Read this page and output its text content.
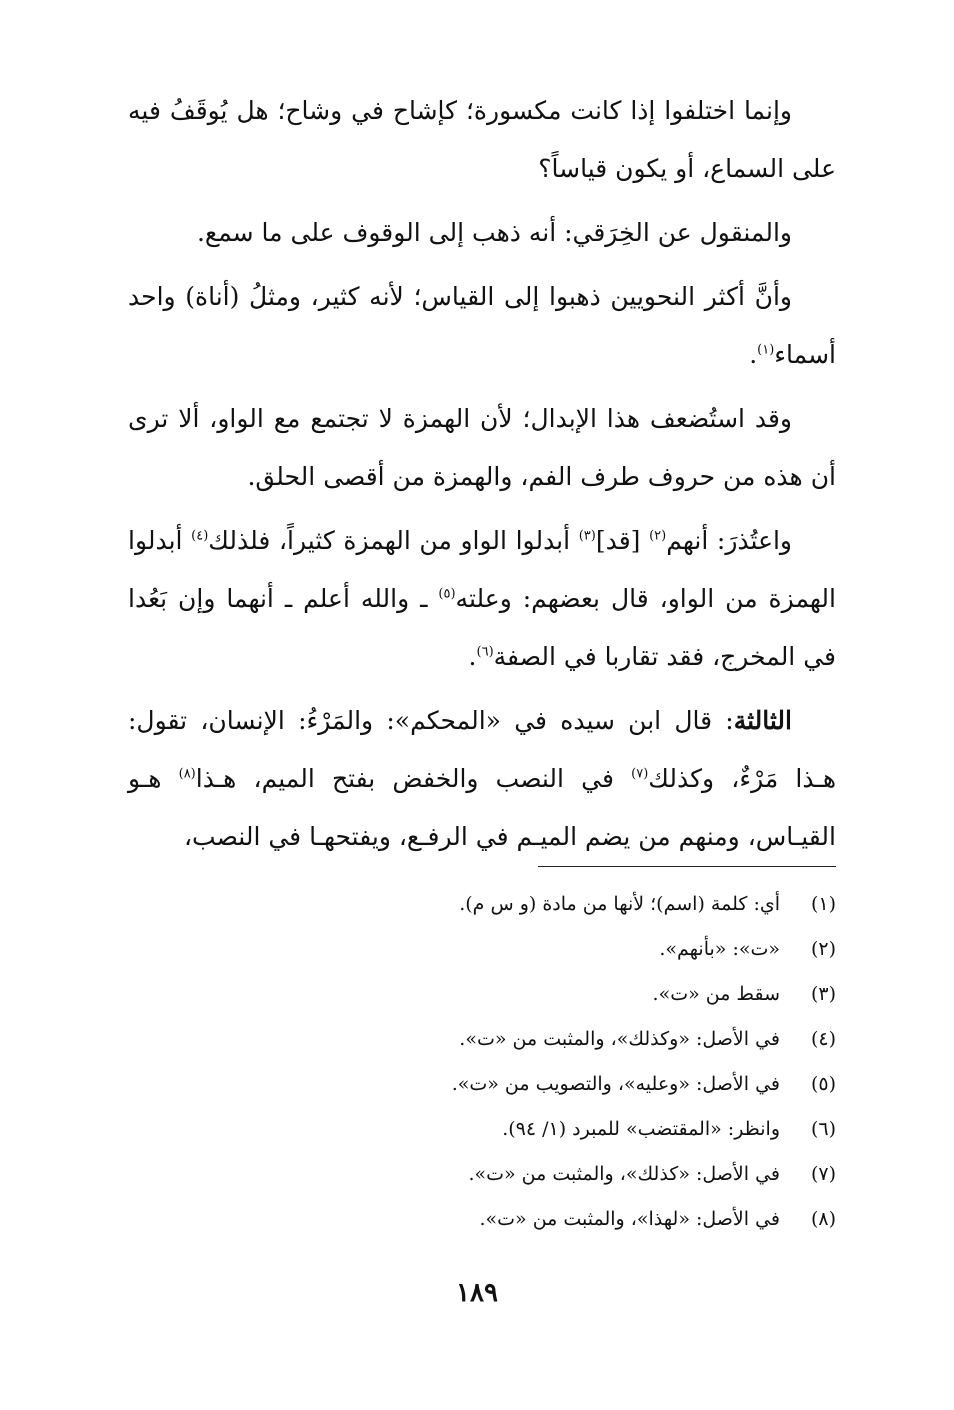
وإنما اختلفوا إذا كانت مكسورة؛ كإشاح في وشاح؛ هل يُوقَفُ فيه على السماع، أو يكون قياساً؟

والمنقول عن الخِرَقي: أنه ذهب إلى الوقوف على ما سمع.

وأنَّ أكثر النحويين ذهبوا إلى القياس؛ لأنه كثير، ومثلُ (أناة) واحد أسماء$^{(١)}$.

وقد استُضعف هذا الإبدال؛ لأن الهمزة لا تجتمع مع الواو، ألا ترى أن هذه من حروف طرف الفم، والهمزة من أقصى الحلق.

واعتُذرَ: أنهم$^{(٢)}$ [قد]$^{(٣)}$ أبدلوا الواو من الهمزة كثيراً، فلذلك$^{(٤)}$ أبدلوا الهمزة من الواو، قال بعضهم: وعلته$^{(٥)}$ ـ والله أعلم ـ أنهما وإن بَعُدا في المخرج، فقد تقاربا في الصفة$^{(٦)}$.

الثالثة: قال ابن سيده في «المحكم»: والمَرْءُ: الإنسان، تقول: هـذا مَرْءٌ، وكذلك$^{(٧)}$ في النصب والخفض بفتح الميم، هـذا$^{(٨)}$ هـو القيـاس، ومنهم من يضم الميـم في الرفـع، ويفتحهـا في النصب،

(١)
أي: كلمة (اسم)؛ لأنها من مادة (و س م).
(٢)
«ت»: «بأنهم».
(٣)
سقط من «ت».
(٤)
في الأصل: «وكذلك»، والمثبت من «ت».
(٥)
في الأصل: «وعليه»، والتصويب من «ت».
(٦)
وانظر: «المقتضب» للمبرد (١/ ٩٤).
(٧)
في الأصل: «كذلك»، والمثبت من «ت».
(٨)
في الأصل: «لهذا»، والمثبت من «ت».
١٨٩
